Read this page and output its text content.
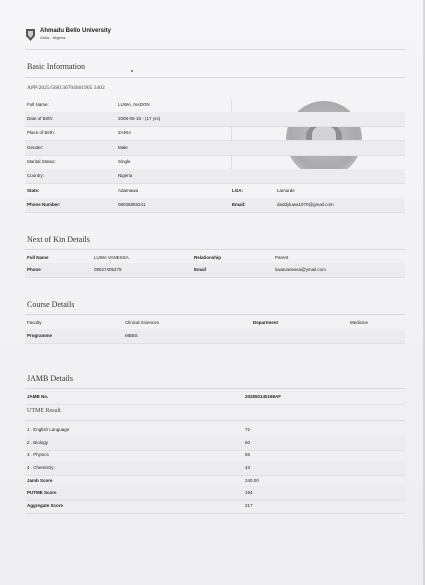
Ahmadu Bello University
Zaria - Nigeria
Basic Information
APP/2025/568136704601965 3402
Full Name:	LUWA, NADON
Date of Birth:	2008-05-16 - (17 yrs)
Place of Birth:	ZARIA
Gender:	Male
Marital Status:	Single
Country:	Nigeria
State:	Adamawa	LGA:	Lamurde
Phone Number:	08036855241	Email:	daddyluwa1970@gmail.com
Next of Kin Details
Full Name	LUWA VANESSA	Relationship	Parent
Phone	09027405279	Email	luwavanessa@ymail.com
Course Details
Faculty	Clinical Sciences	Department	Medicine
Programme	MBBS
JAMB Details
JAMB No.	202550140168AF
UTME Result
1 . English Language	72
2 . Biology	60
3 . Physics	65
4 . Chemistry	43
Jamb Score	240.00
PUTME Score	194
Aggregate Score	217
